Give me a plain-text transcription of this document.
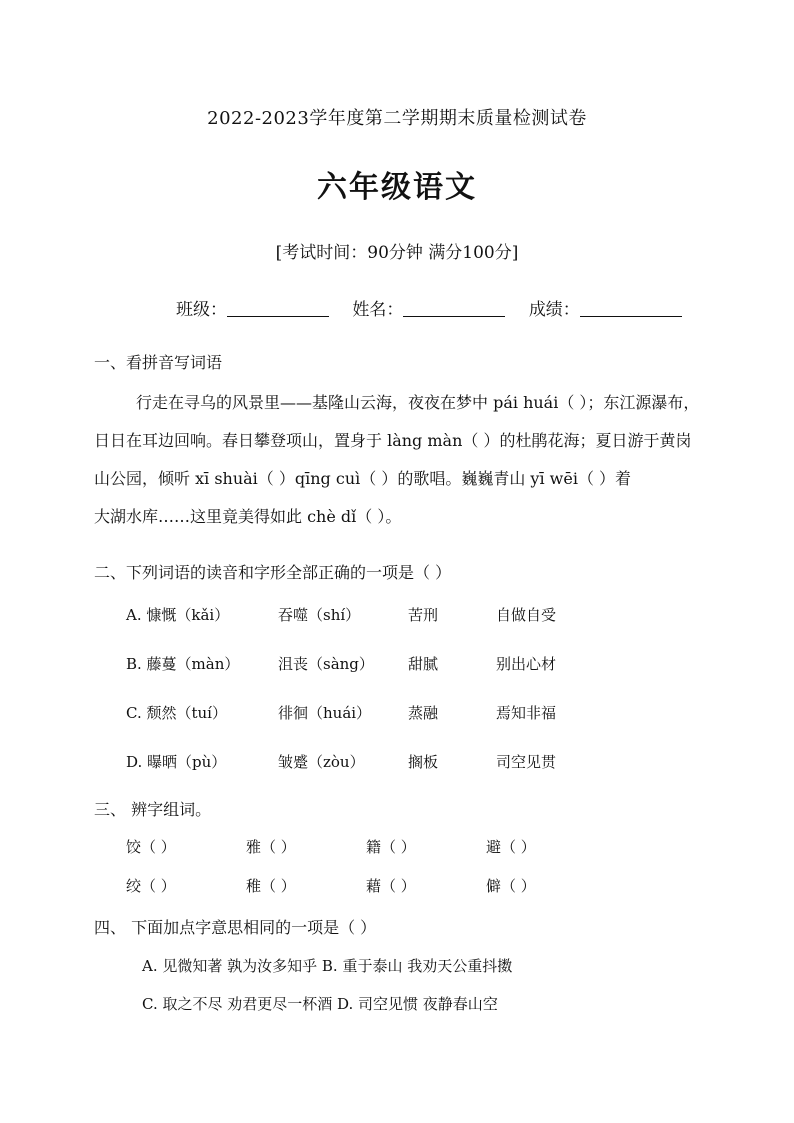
2022-2023学年度第二学期期末质量检测试卷
六年级语文
[考试时间：90分钟 满分100分]
班级：	姓名：	成绩：
一、看拼音写词语
行走在寻乌的风景里——基隆山云海，夜夜在梦中 pái huái（ ）；东江源瀑布，
日日在耳边回响。春日攀登项山，置身于 làng màn（ ）的杜鹃花海；夏日游于黄岗
山公园，倾听 xī shuài（ ）qīng cuì（ ）的歌唱。巍巍青山 yī wēi（ ）着
大湖水库……这里竟美得如此 chè dǐ（ ）。
二、下列词语的读音和字形全部正确的一项是（ ）
A. 慷慨（kǎi）	吞噬（shí）	苦刑	自做自受
B. 藤蔓（màn）	沮丧（sàng） 甜腻	别出心材
C. 颓然（tuí）	徘徊（huái） 蒸融	焉知非福
D. 曝晒（pù）	皱蹙（zòu）	搁板	司空见贯
三、 辨字组词。
饺（ ）	雅（ ）	籍（ ）	避（ ）
绞（ ）	稚（ ）	藉（ ）	僻（ ）
四、 下面加点字意思相同的一项是（ ）
A. 见微知著 孰为汝多知乎 B. 重于泰山 我劝天公重抖擞
C. 取之不尽 劝君更尽一杯酒 D. 司空见惯 夜静春山空
